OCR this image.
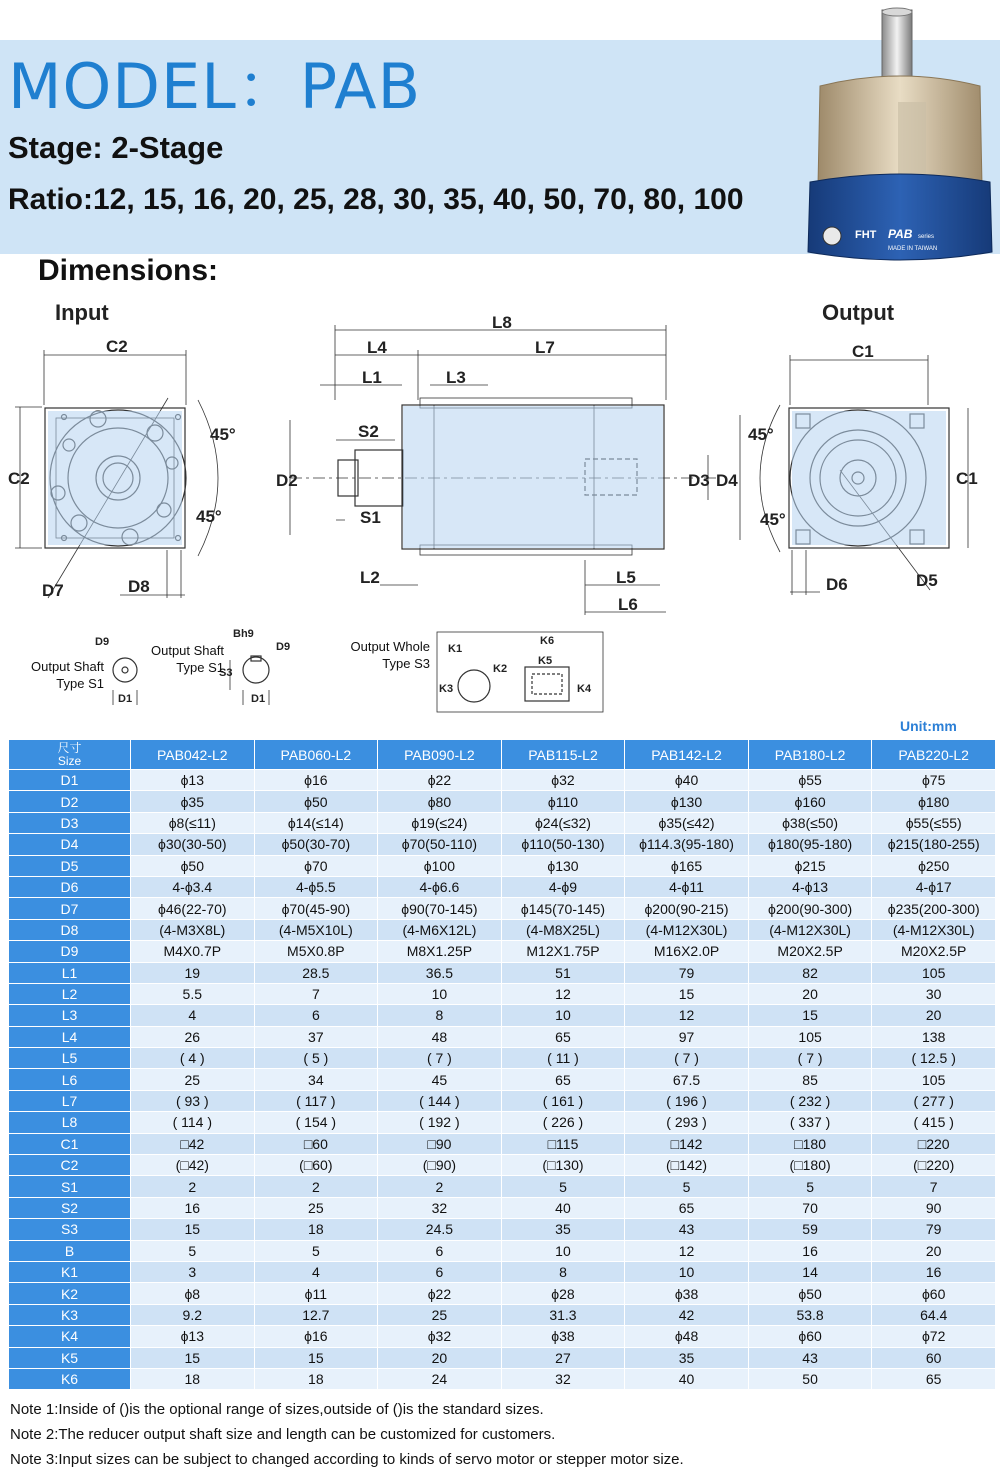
MODEL：PAB
Stage: 2-Stage
Ratio:12, 15, 16, 20, 25, 28, 30, 35, 40, 50, 70, 80, 100
Dimensions:
FHT PAB series
MADE IN TAIWAN
Input	Output
C2
C2
D7	D8
45°
45°
L8
L4	L7
L1	L3
S2
S1
D2
L2
D3 D4
L5
L6
C1
C1
D6	D5
45°
45°
D9
D1
Bh9
D9
S3
D1
K1
K2
K3	K4
K5
K6
Output Shaft
Type S1
Output Shaft
Type S1
Output Whole
Type S3
Unit:mm
尺寸
Size	PAB042-L2	PAB060-L2	PAB090-L2	PAB115-L2	PAB142-L2	PAB180-L2	PAB220-L2
D1	ϕ13	ϕ16	ϕ22	ϕ32	ϕ40	ϕ55	ϕ75
D2	ϕ35	ϕ50	ϕ80	ϕ110	ϕ130	ϕ160	ϕ180
D3	ϕ8(≤11)	ϕ14(≤14)	ϕ19(≤24)	ϕ24(≤32)	ϕ35(≤42)	ϕ38(≤50)	ϕ55(≤55)
D4	ϕ30(30-50)	ϕ50(30-70)	ϕ70(50-110)	ϕ110(50-130)	ϕ114.3(95-180)	ϕ180(95-180)	ϕ215(180-255)
D5	ϕ50	ϕ70	ϕ100	ϕ130	ϕ165	ϕ215	ϕ250
D6	4-ϕ3.4	4-ϕ5.5	4-ϕ6.6	4-ϕ9	4-ϕ11	4-ϕ13	4-ϕ17
D7	ϕ46(22-70)	ϕ70(45-90)	ϕ90(70-145)	ϕ145(70-145)	ϕ200(90-215)	ϕ200(90-300)	ϕ235(200-300)
D8	(4-M3X8L)	(4-M5X10L)	(4-M6X12L)	(4-M8X25L)	(4-M12X30L)	(4-M12X30L)	(4-M12X30L)
D9	M4X0.7P	M5X0.8P	M8X1.25P	M12X1.75P	M16X2.0P	M20X2.5P	M20X2.5P
L1	19	28.5	36.5	51	79	82	105
L2	5.5	7	10	12	15	20	30
L3	4	6	8	10	12	15	20
L4	26	37	48	65	97	105	138
L5	( 4 )	( 5 )	( 7 )	( 11 )	( 7 )	( 7 )	( 12.5 )
L6	25	34	45	65	67.5	85	105
L7	( 93 )	( 117 )	( 144 )	( 161 )	( 196 )	( 232 )	( 277 )
L8	( 114 )	( 154 )	( 192 )	( 226 )	( 293 )	( 337 )	( 415 )
C1	□42	□60	□90	□115	□142	□180	□220
C2	(□42)	(□60)	(□90)	(□130)	(□142)	(□180)	(□220)
S1	2	2	2	5	5	5	7
S2	16	25	32	40	65	70	90
S3	15	18	24.5	35	43	59	79
B	5	5	6	10	12	16	20
K1	3	4	6	8	10	14	16
K2	ϕ8	ϕ11	ϕ22	ϕ28	ϕ38	ϕ50	ϕ60
K3	9.2	12.7	25	31.3	42	53.8	64.4
K4	ϕ13	ϕ16	ϕ32	ϕ38	ϕ48	ϕ60	ϕ72
K5	15	15	20	27	35	43	60
K6	18	18	24	32	40	50	65
Note 1:Inside of ()is the optional range of sizes,outside of ()is the standard sizes.
Note 2:The reducer output shaft size and length can be customized for customers.
Note 3:Input sizes can be subject to changed according to kinds of servo motor or stepper motor size.
